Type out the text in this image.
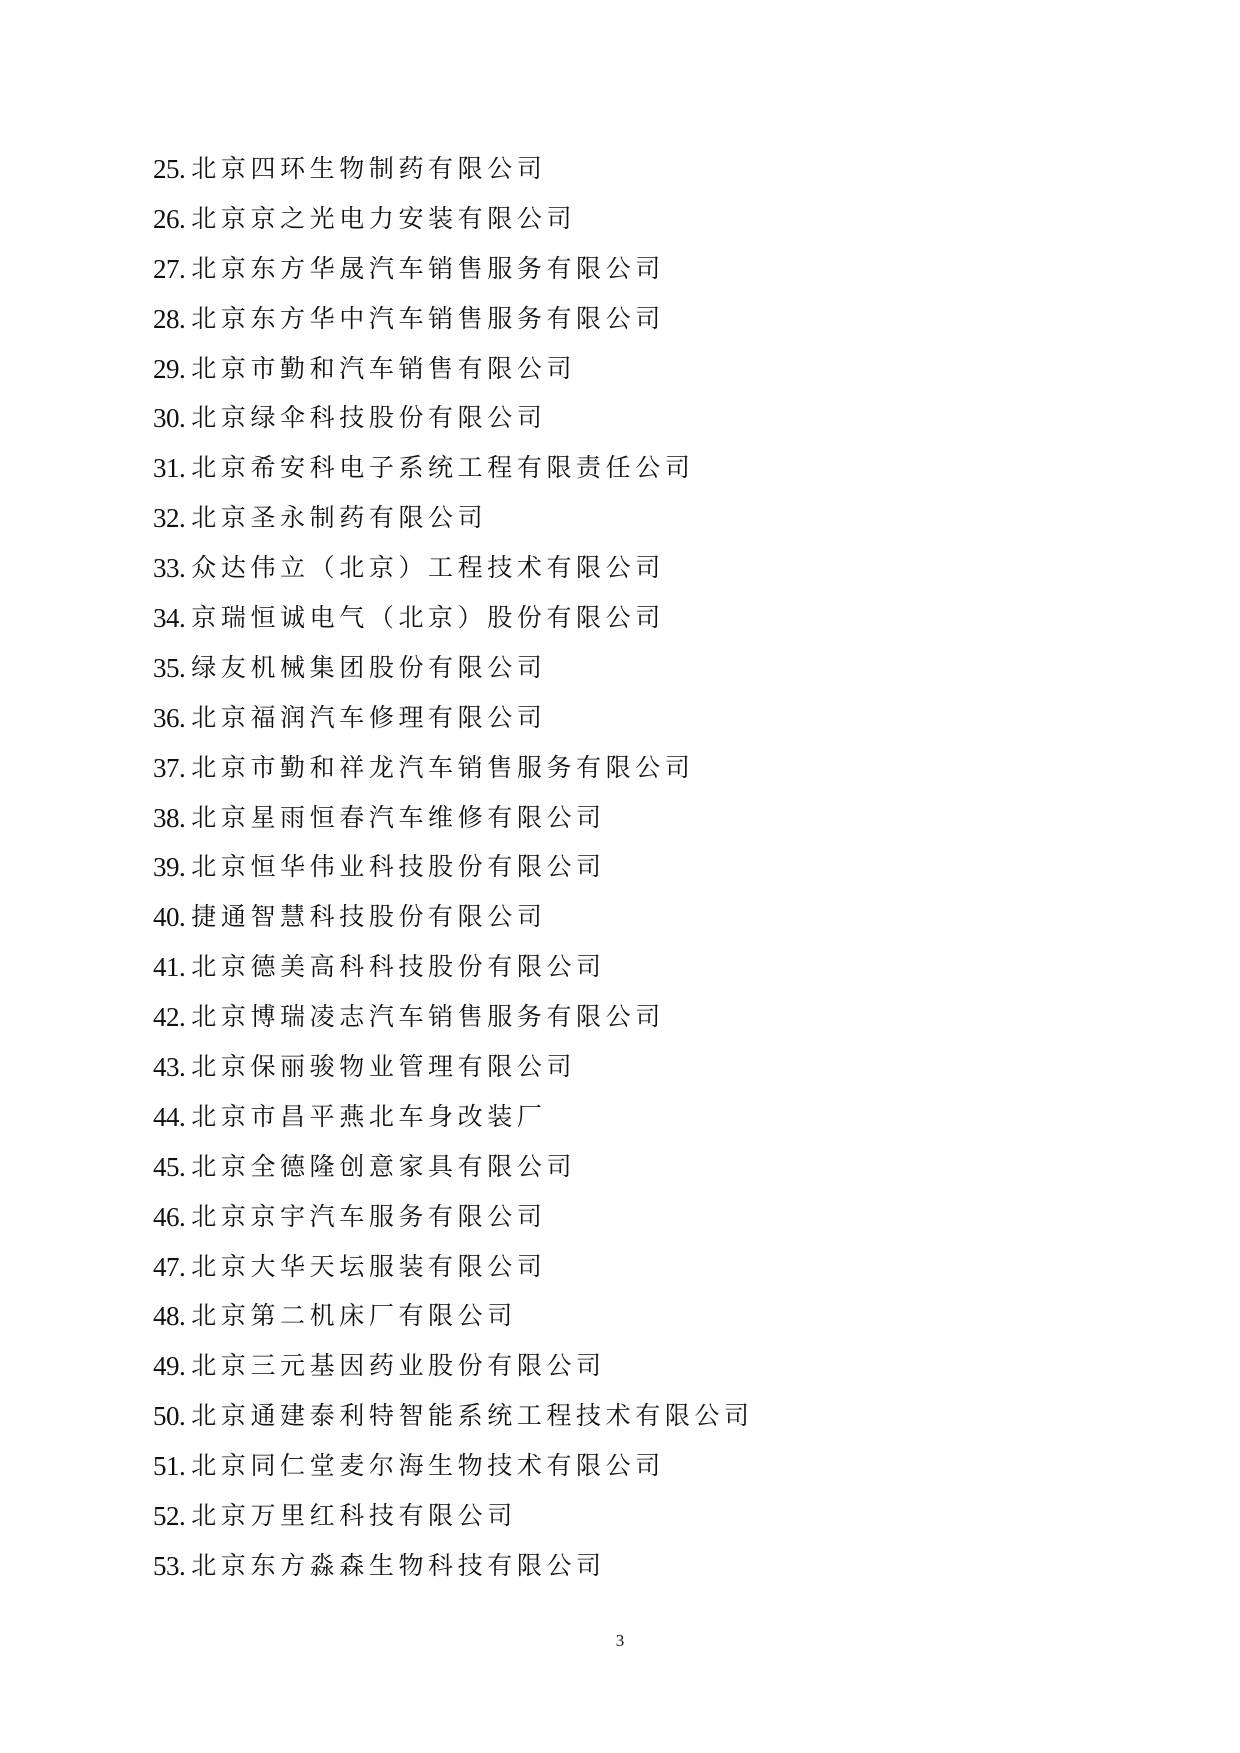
25. 北京四环生物制药有限公司
26. 北京京之光电力安装有限公司
27. 北京东方华晟汽车销售服务有限公司
28. 北京东方华中汽车销售服务有限公司
29. 北京市勤和汽车销售有限公司
30. 北京绿伞科技股份有限公司
31. 北京希安科电子系统工程有限责任公司
32. 北京圣永制药有限公司
33. 众达伟立（北京）工程技术有限公司
34. 京瑞恒诚电气（北京）股份有限公司
35. 绿友机械集团股份有限公司
36. 北京福润汽车修理有限公司
37. 北京市勤和祥龙汽车销售服务有限公司
38. 北京星雨恒春汽车维修有限公司
39. 北京恒华伟业科技股份有限公司
40. 捷通智慧科技股份有限公司
41. 北京德美高科科技股份有限公司
42. 北京博瑞凌志汽车销售服务有限公司
43. 北京保丽骏物业管理有限公司
44. 北京市昌平燕北车身改装厂
45. 北京全德隆创意家具有限公司
46. 北京京宇汽车服务有限公司
47. 北京大华天坛服装有限公司
48. 北京第二机床厂有限公司
49. 北京三元基因药业股份有限公司
50. 北京通建泰利特智能系统工程技术有限公司
51. 北京同仁堂麦尔海生物技术有限公司
52. 北京万里红科技有限公司
53. 北京东方淼森生物科技有限公司
3
